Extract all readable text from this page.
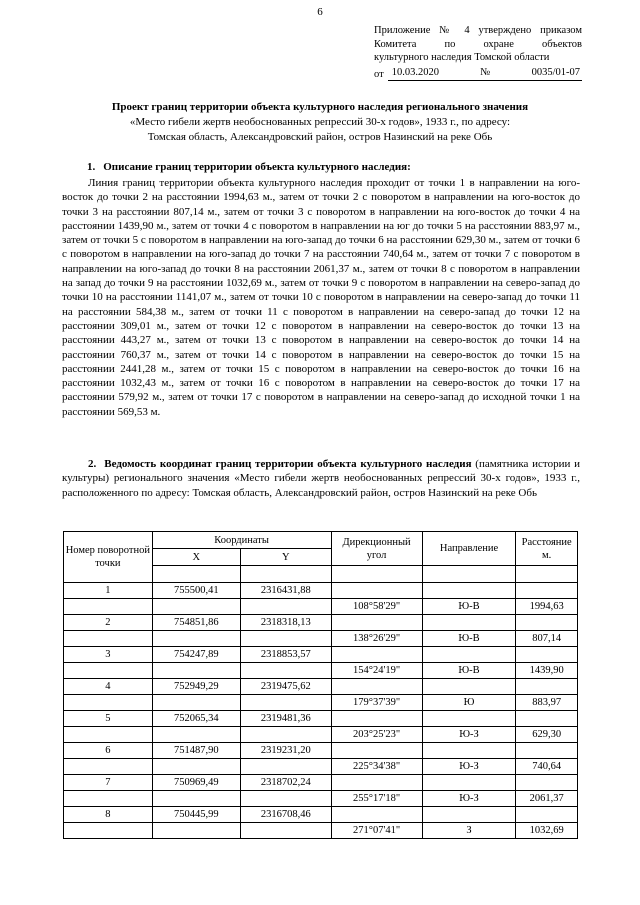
6
Приложение № 4 утверждено приказом
Комитета по охране объектов
культурного наследия Томской области
от 10.03.2020	№	0035/01-07
Проект границ территории объекта культурного наследия регионального значения
«Место гибели жертв необоснованных репрессий 30-х годов», 1933 г., по адресу:
Томская область, Александровский район, остров Назинский на реке Обь
1. Описание границ территории объекта культурного наследия:
Линия границ территории объекта культурного наследия проходит от точки 1 в направлении на юго-восток до точки 2 на расстоянии 1994,63 м., затем от точки 2 с поворотом в направлении на юго-восток до точки 3 на расстоянии 807,14 м., затем от точки 3 с поворотом в направлении на юго-восток до точки 4 на расстоянии 1439,90 м., затем от точки 4 с поворотом в направлении на юг до точки 5 на расстоянии 883,97 м., затем от точки 5 с поворотом в направлении на юго-запад до точки 6 на расстоянии 629,30 м., затем от точки 6 с поворотом в направлении на юго-запад до точки 7 на расстоянии 740,64 м., затем от точки 7 с поворотом в направлении на юго-запад до точки 8 на расстоянии 2061,37 м., затем от точки 8 с поворотом в направлении на запад до точки 9 на расстоянии 1032,69 м., затем от точки 9 с поворотом в направлении на северо-запад до точки 10 на расстоянии 1141,07 м., затем от точки 10 с поворотом в направлении на северо-запад до точки 11 на расстоянии 584,38 м., затем от точки 11 с поворотом в направлении на северо-запад до точки 12 на расстоянии 309,01 м., затем от точки 12 с поворотом в направлении на северо-восток до точки 13 на расстоянии 443,27 м., затем от точки 13 с поворотом в направлении на северо-восток до точки 14 на расстоянии 760,37 м., затем от точки 14 с поворотом в направлении на северо-восток до точки 15 на расстоянии 2441,28 м., затем от точки 15 с поворотом в направлении на северо-восток до точки 16 на расстоянии 1032,43 м., затем от точки 16 с поворотом в направлении на северо-восток до точки 17 на расстоянии 579,92 м., затем от точки 17 с поворотом в направлении на северо-запад до исходной точки 1 на расстоянии 569,53 м.
2. Ведомость координат границ территории объекта культурного наследия (памятника истории и культуры) регионального значения «Место гибели жертв необоснованных репрессий 30-х годов», 1933 г., расположенного по адресу: Томская область, Александровский район, остров Назинский на реке Обь
Номер поворотной точки	Координаты		Дирекционный угол	Направление	Расстояние м.
	X	Y			

1	755500,41	2316431,88			
			108°58'29"	Ю-В	1994,63
2	754851,86	2318318,13			
			138°26'29"	Ю-В	807,14
3	754247,89	2318853,57			
			154°24'19"	Ю-В	1439,90
4	752949,29	2319475,62			
			179°37'39"	Ю	883,97
5	752065,34	2319481,36			
			203°25'23"	Ю-З	629,30
6	751487,90	2319231,20			
			225°34'38"	Ю-З	740,64
7	750969,49	2318702,24			
			255°17'18"	Ю-З	2061,37
8	750445,99	2316708,46			
			271°07'41"	З	1032,69
